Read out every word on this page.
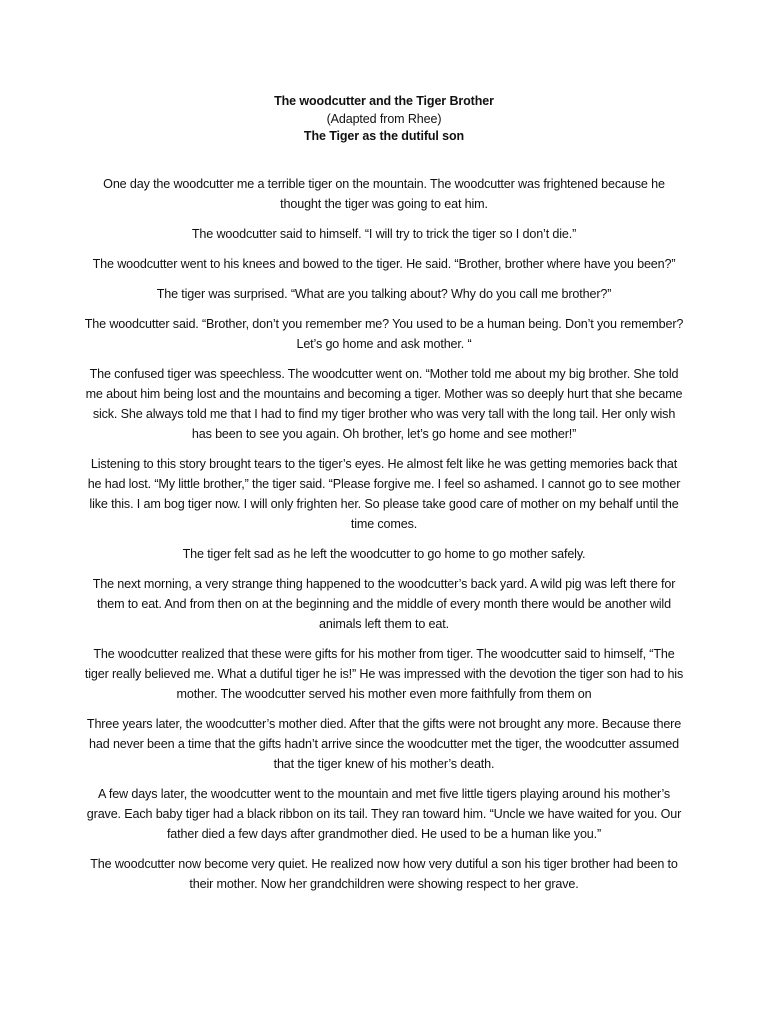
The woodcutter and the Tiger Brother
(Adapted from Rhee)
The Tiger as the dutiful son

One day the woodcutter me a terrible tiger on the mountain. The woodcutter was frightened because he thought the tiger was going to eat him.

The woodcutter said to himself. “I will try to trick the tiger so I don’t die.”

The woodcutter went to his knees and bowed to the tiger. He said. “Brother, brother where have you been?”

The tiger was surprised. “What are you talking about? Why do you call me brother?”

The woodcutter said. “Brother, don’t you remember me? You used to be a human being. Don’t you remember? Let’s go home and ask mother. “

The confused tiger was speechless. The woodcutter went on. “Mother told me about my big brother. She told me about him being lost and the mountains and becoming a tiger. Mother was so deeply hurt that she became sick. She always told me that I had to find my tiger brother who was very tall with the long tail. Her only wish has been to see you again. Oh brother, let’s go home and see mother!”

Listening to this story brought tears to the tiger’s eyes. He almost felt like he was getting memories back that he had lost. “My little brother,” the tiger said. “Please forgive me. I feel so ashamed. I cannot go to see mother like this. I am bog tiger now. I will only frighten her. So please take good care of mother on my behalf until the time comes.

The tiger felt sad as he left the woodcutter to go home to go mother safely.

The next morning, a very strange thing happened to the woodcutter’s back yard. A wild pig was left there for them to eat. And from then on at the beginning and the middle of every month there would be another wild animals left them to eat.

The woodcutter realized that these were gifts for his mother from tiger. The woodcutter said to himself, “The tiger really believed me. What a dutiful tiger he is!” He was impressed with the devotion the tiger son had to his mother. The woodcutter served his mother even more faithfully from them on

Three years later, the woodcutter’s mother died. After that the gifts were not brought any more. Because there had never been a time that the gifts hadn’t arrive since the woodcutter met the tiger, the woodcutter assumed that the tiger knew of his mother’s death.

A few days later, the woodcutter went to the mountain and met five little tigers playing around his mother’s grave. Each baby tiger had a black ribbon on its tail. They ran toward him. “Uncle we have waited for you. Our father died a few days after grandmother died. He used to be a human like you.”

The woodcutter now become very quiet. He realized now how very dutiful a son his tiger brother had been to their mother. Now her grandchildren were showing respect to her grave.
